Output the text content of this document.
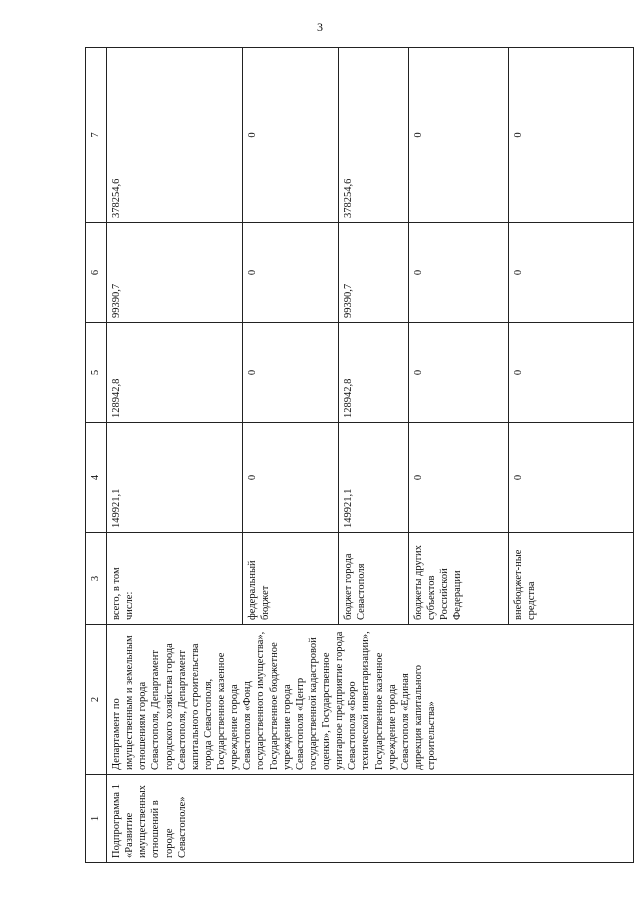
3
1	2	3	4	5	6	7
Подпрограмма 1 «Развитие имущественных отношений в городе Севастополе»	Департамент по имущественным и земельным отношениям города Севастополя, Департамент городского хозяйства города Севастополя, Департамент капитального строительства города Севастополя, Государственное казенное учреждение города Севастополя «Фонд государственного имущества», Государственное бюджетное учреждение города Севастополя «Центр государственной кадастровой оценки», Государственное унитарное предприятие города Севастополя «Бюро технической инвентаризации», Государственное казенное учреждение города Севастополя «Единая дирекция капитального строительства»	всего, в том числе:	149921,1	128942,8	99390,7	378254,6
		федеральный бюджет	0	0	0	0
		бюджет города Севастополя	149921,1	128942,8	99390,7	378254,6
		бюджеты других субъектов Российской Федерации	0	0	0	0
		внебюджет-ные средства	0	0	0	0
